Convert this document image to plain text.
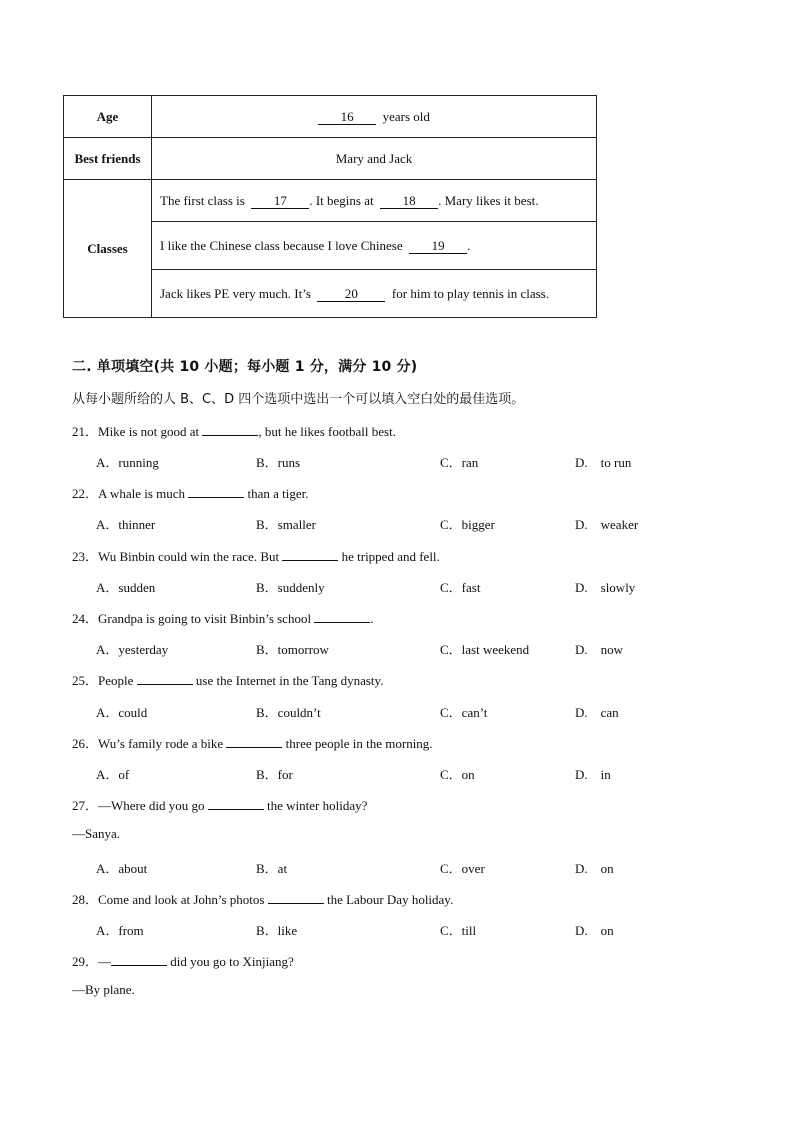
Age	16 years old
Best friends	Mary and Jack
Classes	The first class is 17 . It begins at 18 . Mary likes it best.
	I like the Chinese class because I love Chinese 19 .
	Jack likes PE very much. It’s 20 for him to play tennis in class.
二. 单项填空(共 10 小题；每小题 1 分，满分 10 分)
从每小题所给的人 B、C、D 四个选项中选出一个可以填入空白处的最佳选项。
21．Mike is not good at	, but he likes football best.
A．running	B．runs	C．ran	D.　to run
22．A whale is much	than a tiger.
A．thinner	B．smaller	C．bigger	D.　weaker
23．Wu Binbin could win the race. But	he tripped and fell.
A．sudden	B．suddenly	C．fast	D.　slowly
24．Grandpa is going to visit Binbin’s school	.
A．yesterday	B．tomorrow	C．last weekend	D.　now
25．People	use the Internet in the Tang dynasty.
A．could	B．couldn’t	C．can’t	D.　can
26．Wu’s family rode a bike	three people in the morning.
A．of	B．for	C．on	D.　in
27．—Where did you go	the winter holiday?
—Sanya.
A．about	B．at	C．over	D.　on
28．Come and look at John’s photos	the Labour Day holiday.
A．from	B．like	C．till	D.　on
29．—	did you go to Xinjiang?
—By plane.
